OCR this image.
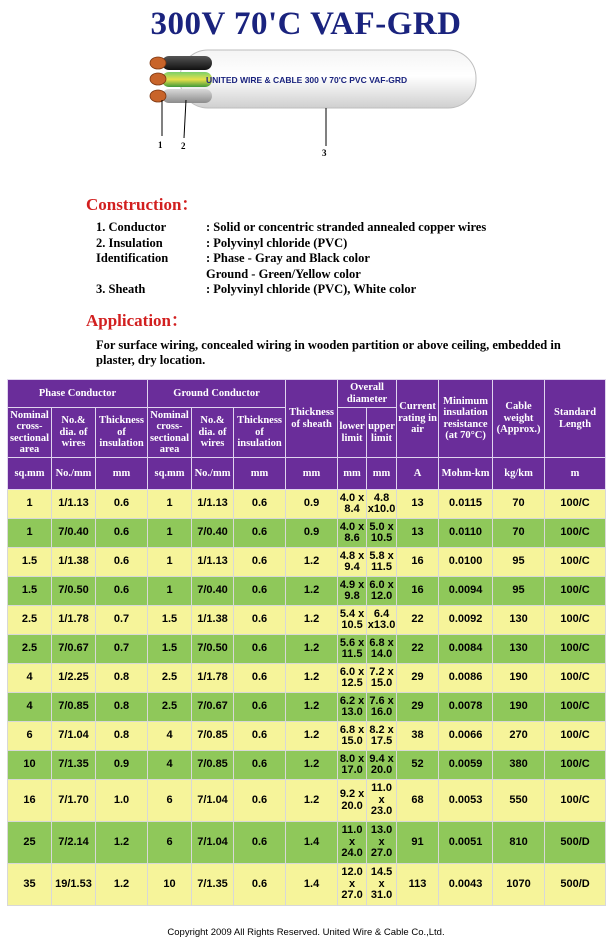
300V 70'C VAF-GRD
UNITED WIRE & CABLE 300 V 70'C PVC VAF-GRD
1 2
3
Construction：
1. Conductor	: Solid or concentric stranded annealed copper wires
2. Insulation	: Polyvinyl chloride (PVC)
Identification	: Phase - Gray and Black color
Ground - Green/Yellow color
3. Sheath	: Polyvinyl chloride (PVC), White color
Application：
For surface wiring, concealed wiring in wooden partition or above ceiling, embedded in plaster, dry location.
Phase Conductor			Ground Conductor			Thickness of sheath	Overall diameter		Current rating in air	Minimum insulation resistance (at 70°C)	Cable weight (Approx.)	Standard Length
Nominal cross-sectional area	No.& dia. of wires	Thickness of insulation	Nominal cross-sectional area	No.& dia. of wires	Thickness of insulation		lower limit	upper limit				
sq.mm	No./mm	mm	sq.mm	No./mm	mm	mm	mm	mm	A	Mohm-km	kg/km	m
1	1/1.13	0.6	1	1/1.13	0.6	0.9	4.0 x 8.4	4.8 x10.0	13	0.0115	70	100/C
1	7/0.40	0.6	1	7/0.40	0.6	0.9	4.0 x 8.6	5.0 x 10.5	13	0.0110	70	100/C
1.5	1/1.38	0.6	1	1/1.13	0.6	1.2	4.8 x 9.4	5.8 x 11.5	16	0.0100	95	100/C
1.5	7/0.50	0.6	1	7/0.40	0.6	1.2	4.9 x 9.8	6.0 x 12.0	16	0.0094	95	100/C
2.5	1/1.78	0.7	1.5	1/1.38	0.6	1.2	5.4 x 10.5	6.4 x13.0	22	0.0092	130	100/C
2.5	7/0.67	0.7	1.5	7/0.50	0.6	1.2	5.6 x 11.5	6.8 x 14.0	22	0.0084	130	100/C
4	1/2.25	0.8	2.5	1/1.78	0.6	1.2	6.0 x 12.5	7.2 x 15.0	29	0.0086	190	100/C
4	7/0.85	0.8	2.5	7/0.67	0.6	1.2	6.2 x 13.0	7.6 x 16.0	29	0.0078	190	100/C
6	7/1.04	0.8	4	7/0.85	0.6	1.2	6.8 x 15.0	8.2 x 17.5	38	0.0066	270	100/C
10	7/1.35	0.9	4	7/0.85	0.6	1.2	8.0 x 17.0	9.4 x 20.0	52	0.0059	380	100/C
16	7/1.70	1.0	6	7/1.04	0.6	1.2	9.2 x 20.0	11.0 x 23.0	68	0.0053	550	100/C
25	7/2.14	1.2	6	7/1.04	0.6	1.4	11.0 x 24.0	13.0 x 27.0	91	0.0051	810	500/D
35	19/1.53	1.2	10	7/1.35	0.6	1.4	12.0 x 27.0	14.5 x 31.0	113	0.0043	1070	500/D
Copyright 2009 All Rights Reserved. United Wire & Cable Co.,Ltd.
